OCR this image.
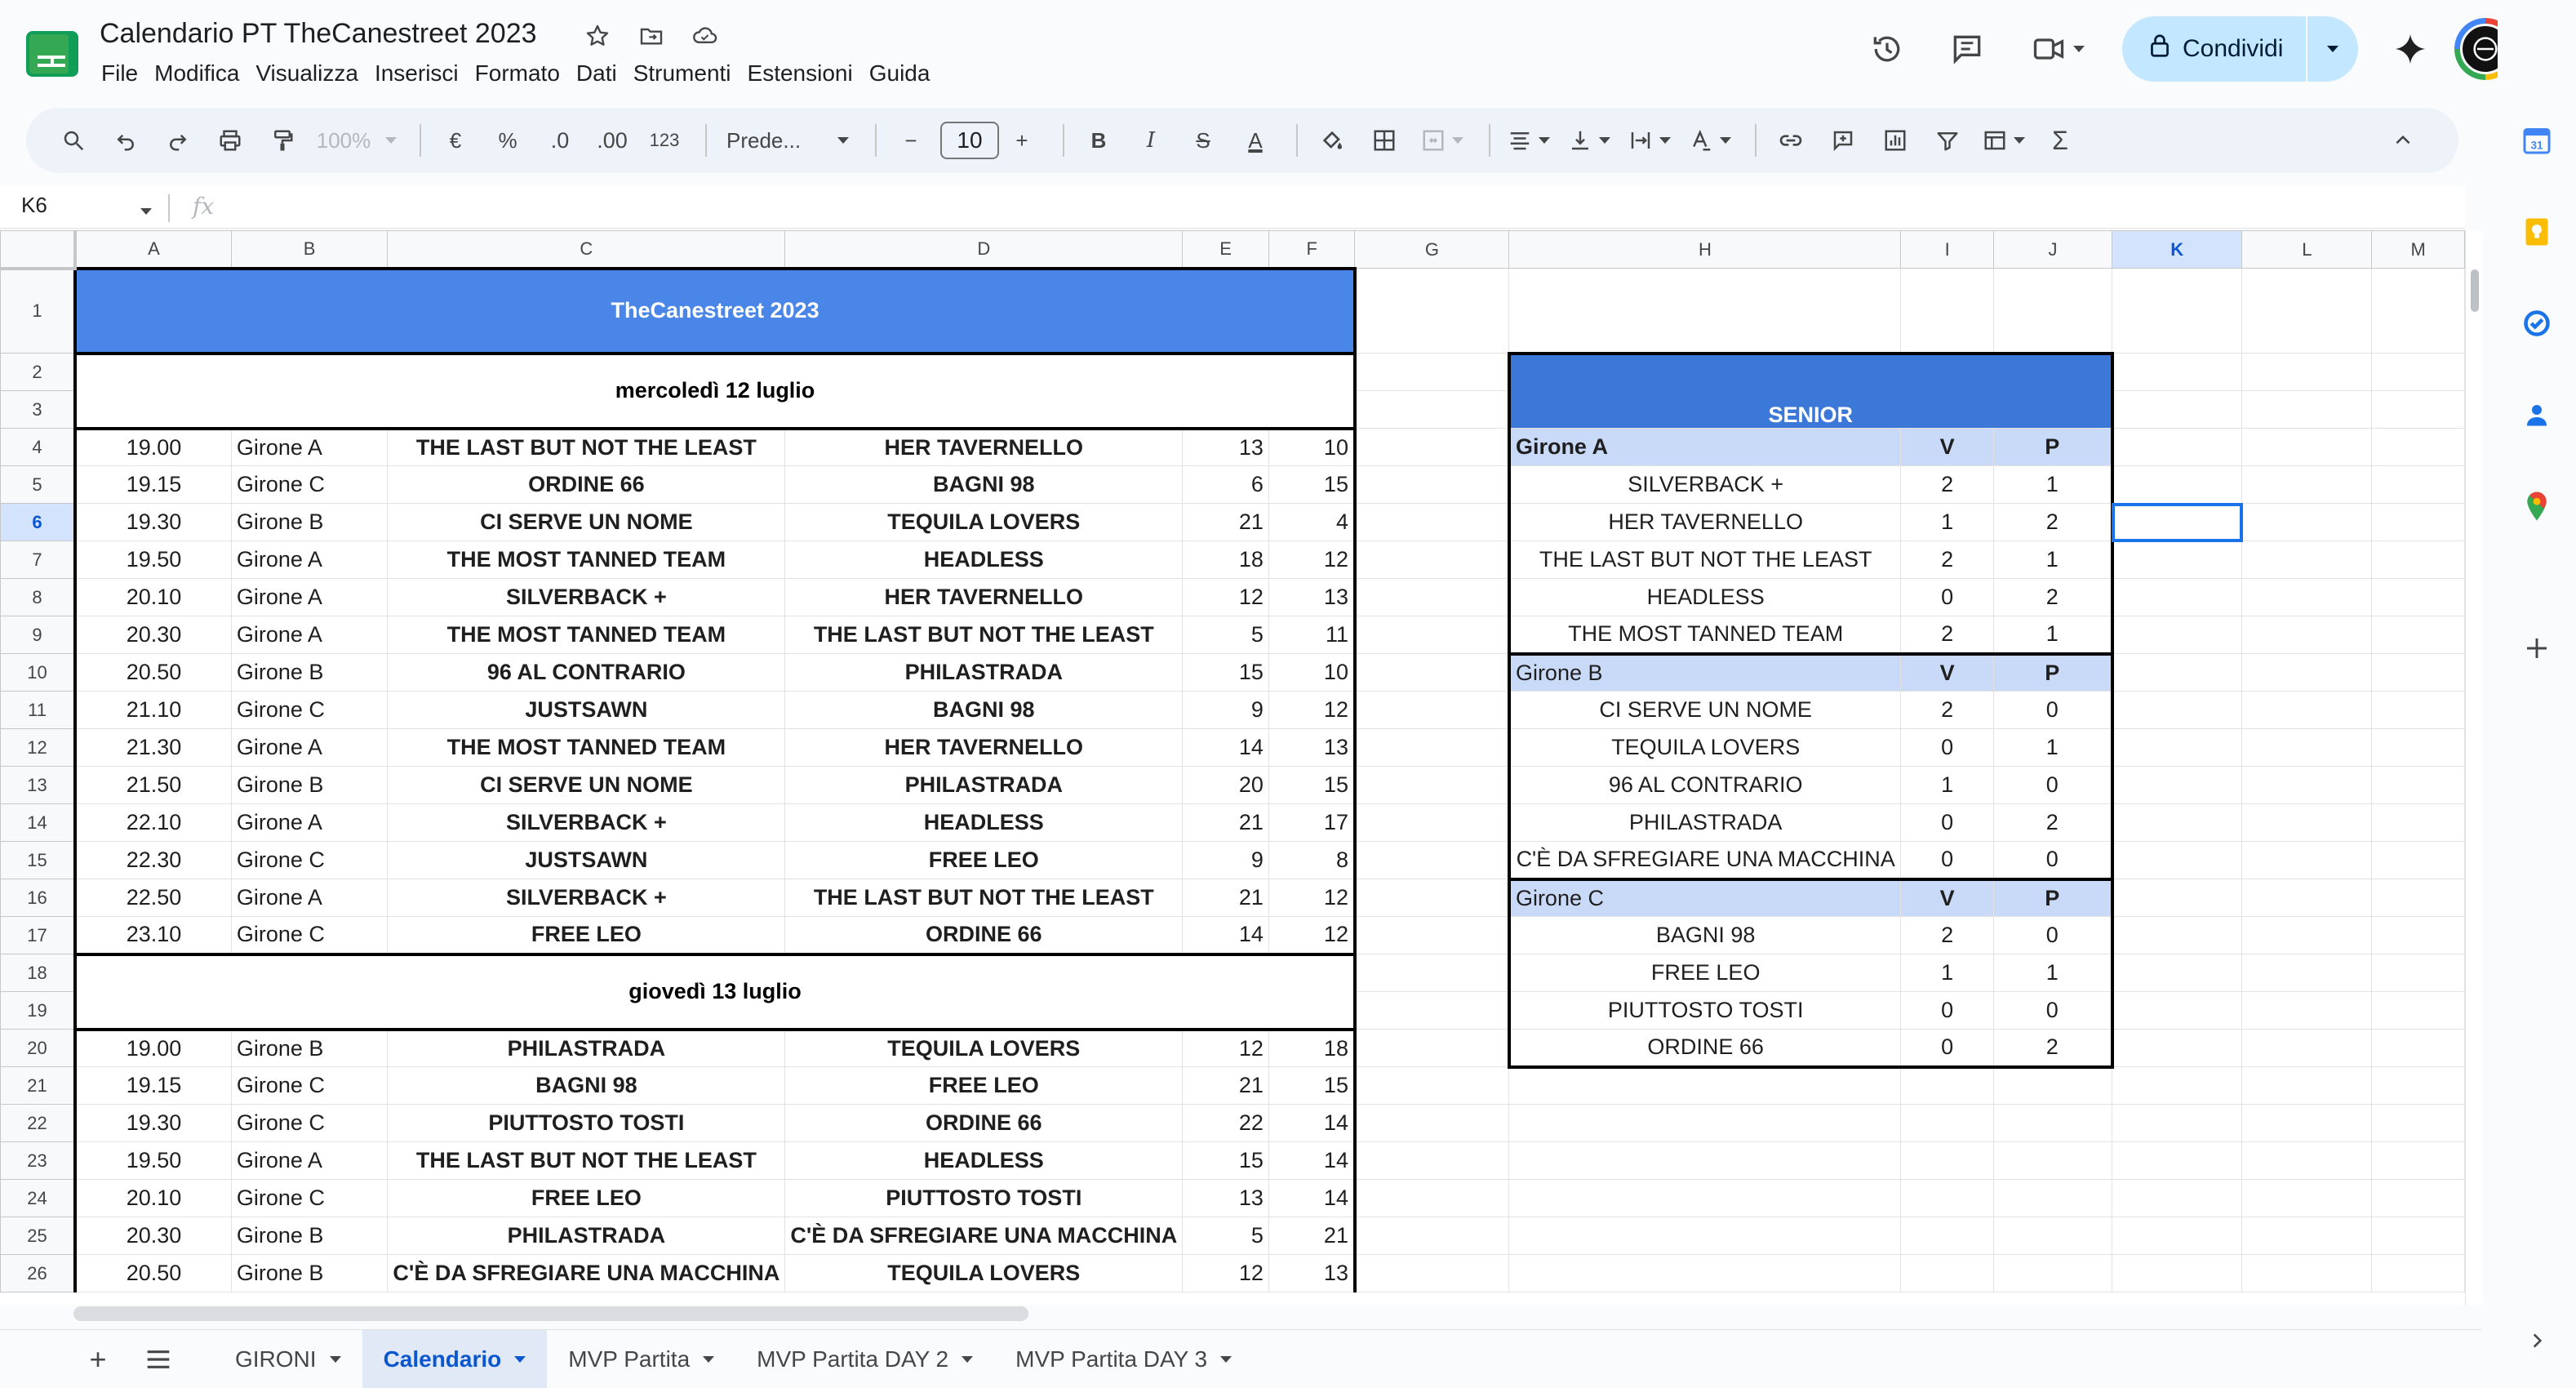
Calendario PT TheCanestreet 2023
File Modifica Visualizza Inserisci Formato Dati Strumenti Estensioni Guida
Condividi
100%	€ % .0 .00	123	Prede...	−	10	+	B I S A	Σ
K6	fx
	A	B	C	D	E	F	G	H	I	J	K	L	M
1	TheCanestreet 2023												
2	mercoledì 12 luglio							SENIOR					
3													
4	19.00	Girone A	THE LAST BUT NOT THE LEAST	HER TAVERNELLO	13	10		Girone A	V	P			
5	19.15	Girone C	ORDINE 66	BAGNI 98	6	15		SILVERBACK +	2	1			
6	19.30	Girone B	CI SERVE UN NOME	TEQUILA LOVERS	21	4		HER TAVERNELLO	1	2			
7	19.50	Girone A	THE MOST TANNED TEAM	HEADLESS	18	12		THE LAST BUT NOT THE LEAST	2	1			
8	20.10	Girone A	SILVERBACK +	HER TAVERNELLO	12	13		HEADLESS	0	2			
9	20.30	Girone A	THE MOST TANNED TEAM	THE LAST BUT NOT THE LEAST	5	11		THE MOST TANNED TEAM	2	1			
10	20.50	Girone B	96 AL CONTRARIO	PHILASTRADA	15	10		Girone B	V	P			
11	21.10	Girone C	JUSTSAWN	BAGNI 98	9	12		CI SERVE UN NOME	2	0			
12	21.30	Girone A	THE MOST TANNED TEAM	HER TAVERNELLO	14	13		TEQUILA LOVERS	0	1			
13	21.50	Girone B	CI SERVE UN NOME	PHILASTRADA	20	15		96 AL CONTRARIO	1	0			
14	22.10	Girone A	SILVERBACK +	HEADLESS	21	17		PHILASTRADA	0	2			
15	22.30	Girone C	JUSTSAWN	FREE LEO	9	8		C'È DA SFREGIARE UNA MACCHINA	0	0			
16	22.50	Girone A	SILVERBACK +	THE LAST BUT NOT THE LEAST	21	12		Girone C	V	P			
17	23.10	Girone C	FREE LEO	ORDINE 66	14	12		BAGNI 98	2	0			
18	giovedì 13 luglio							FREE LEO	1	1			
19								PIUTTOSTO TOSTI	0	0			
20	19.00	Girone B	PHILASTRADA	TEQUILA LOVERS	12	18		ORDINE 66	0	2			
21	19.15	Girone C	BAGNI 98	FREE LEO	21	15							
22	19.30	Girone C	PIUTTOSTO TOSTI	ORDINE 66	22	14							
23	19.50	Girone A	THE LAST BUT NOT THE LEAST	HEADLESS	15	14							
24	20.10	Girone C	FREE LEO	PIUTTOSTO TOSTI	13	14							
25	20.30	Girone B	PHILASTRADA	C'È DA SFREGIARE UNA MACCHINA	5	21							
26	20.50	Girone B	C'È DA SFREGIARE UNA MACCHINA	TEQUILA LOVERS	12	13							
+	GIRONI	Calendario	MVP Partita	MVP Partita DAY 2	MVP Partita DAY 3
31
